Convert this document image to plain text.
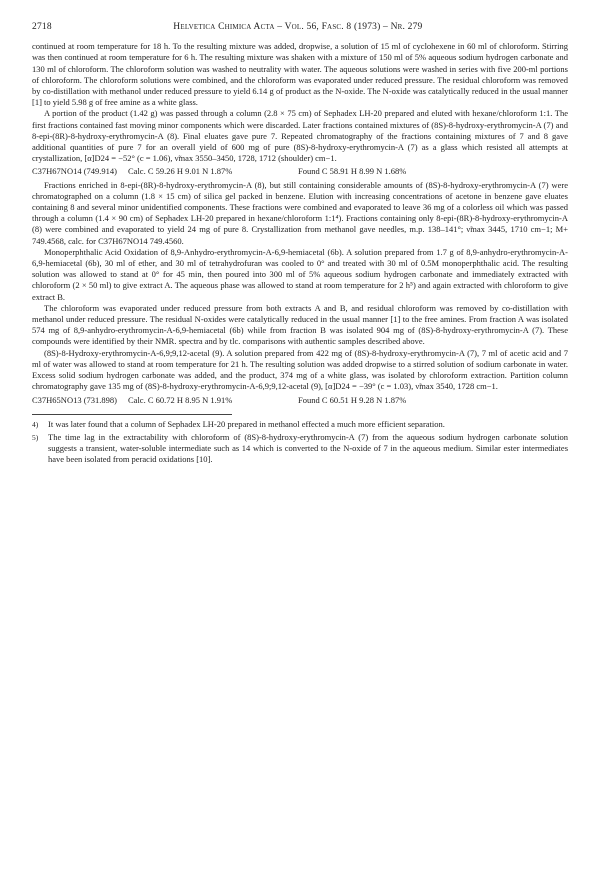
2718	Helvetica Chimica Acta – Vol. 56, Fasc. 8 (1973) – Nr. 279

continued at room temperature for 18 h. To the resulting mixture was added, dropwise, a solution of 15 ml of cyclohexene in 60 ml of chloroform. Stirring was then continued at room temperature for 6 h. The resulting mixture was shaken with a mixture of 150 ml of 5% aqueous sodium hydrogen carbonate and 130 ml of chloroform. The chloroform solution was washed to neutrality with water. The aqueous solutions were washed in series with five 200-ml portions of chloroform. The chloroform solutions were combined, and the chloroform was evaporated under reduced pressure. The residual chloroform was removed by co-distillation with methanol under reduced pressure to yield 6.14 g of product as the N-oxide. The N-oxide was catalytically reduced in the usual manner [1] to yield 5.98 g of free amine as a white glass.

A portion of the product (1.42 g) was passed through a column (2.8 × 75 cm) of Sephadex LH-20 prepared and eluted with hexane/chloroform 1:1. The first fractions contained fast moving minor components which were discarded. Later fractions contained mixtures of (8S)-8-hydroxy-erythromycin-A (7) and 8-epi-(8R)-8-hydroxy-erythromycin-A (8). Final eluates gave pure 7. Repeated chromatography of the fractions containing mixtures of 7 and 8 gave additional quantities of pure 7 for an overall yield of 600 mg of pure (8S)-8-hydroxy-erythromycin-A (7) as a glass which resisted all attempts at crystallization, [α]D24 = −52° (c = 1.06), ν̃max 3550–3450, 1728, 1712 (shoulder) cm−1.

C37H67NO14 (749.914)	Calc. C 59.26 H 9.01 N 1.87%	Found C 58.91 H 8.99 N 1.68%

Fractions enriched in 8-epi-(8R)-8-hydroxy-erythromycin-A (8), but still containing considerable amounts of (8S)-8-hydroxy-erythromycin-A (7) were chromatographed on a column (1.8 × 15 cm) of silica gel packed in benzene. Elution with increasing concentrations of acetone in benzene gave eluates containing 8 and several minor unidentified components. These fractions were combined and evaporated to leave 36 mg of a colorless oil which was passed through a column (1.4 × 90 cm) of Sephadex LH-20 prepared in hexane/chloroform 1:1⁴). Fractions containing only 8-epi-(8R)-8-hydroxy-erythromycin-A (8) were combined and evaporated to yield 24 mg of pure 8. Crystallization from methanol gave needles, m.p. 138–141°; ν̃max 3445, 1710 cm−1; M+ 749.4568, calc. for C37H67NO14 749.4560.

Monoperphthalic Acid Oxidation of 8,9-Anhydro-erythromycin-A-6,9-hemiacetal (6b). A solution prepared from 1.7 g of 8,9-anhydro-erythromycin-A-6,9-hemiacetal (6b), 30 ml of ether, and 30 ml of tetrahydrofuran was cooled to 0° and treated with 30 ml of 0.5M monoperphthalic acid. The resulting solution was allowed to stand at 0° for 45 min, then poured into 300 ml of 5% aqueous sodium hydrogen carbonate and immediately extracted with chloroform (2 × 50 ml) to give extract A. The aqueous phase was allowed to stand at room temperature for 2 h⁵) and again extracted with chloroform to give extract B.

The chloroform was evaporated under reduced pressure from both extracts A and B, and residual chloroform was removed by co-distillation with methanol under reduced pressure. The residual N-oxides were catalytically reduced in the usual manner [1] to the free amines. From fraction A was isolated 574 mg of 8,9-anhydro-erythromycin-A-6,9-hemiacetal (6b) while from fraction B was isolated 904 mg of (8S)-8-hydroxy-erythromycin-A (7). These compounds were identified by their NMR. spectra and by tlc. comparisons with authentic samples described above.

(8S)-8-Hydroxy-erythromycin-A-6,9;9,12-acetal (9). A solution prepared from 422 mg of (8S)-8-hydroxy-erythromycin-A (7), 7 ml of acetic acid and 7 ml of water was allowed to stand at room temperature for 21 h. The resulting solution was added dropwise to a stirred solution of sodium carbonate in water. Excess solid sodium hydrogen carbonate was added, and the product, 374 mg of a white glass, was isolated by chloroform extraction. Partition column chromatography gave 135 mg of (8S)-8-hydroxy-erythromycin-A-6,9;9,12-acetal (9), [α]D24 = −39° (c = 1.03), ν̃max 3540, 1728 cm−1.

C37H65NO13 (731.898)	Calc. C 60.72 H 8.95 N 1.91%	Found C 60.51 H 9.28 N 1.87%
4)	It was later found that a column of Sephadex LH-20 prepared in methanol effected a much more efficient separation.
5)	The time lag in the extractability with chloroform of (8S)-8-hydroxy-erythromycin-A (7) from the aqueous sodium hydrogen carbonate solution suggests a transient, water-soluble intermediate such as 14 which is converted to the N-oxide of 7 in the aqueous medium. Similar ester intermediates have been isolated from peracid oxidations [10].
